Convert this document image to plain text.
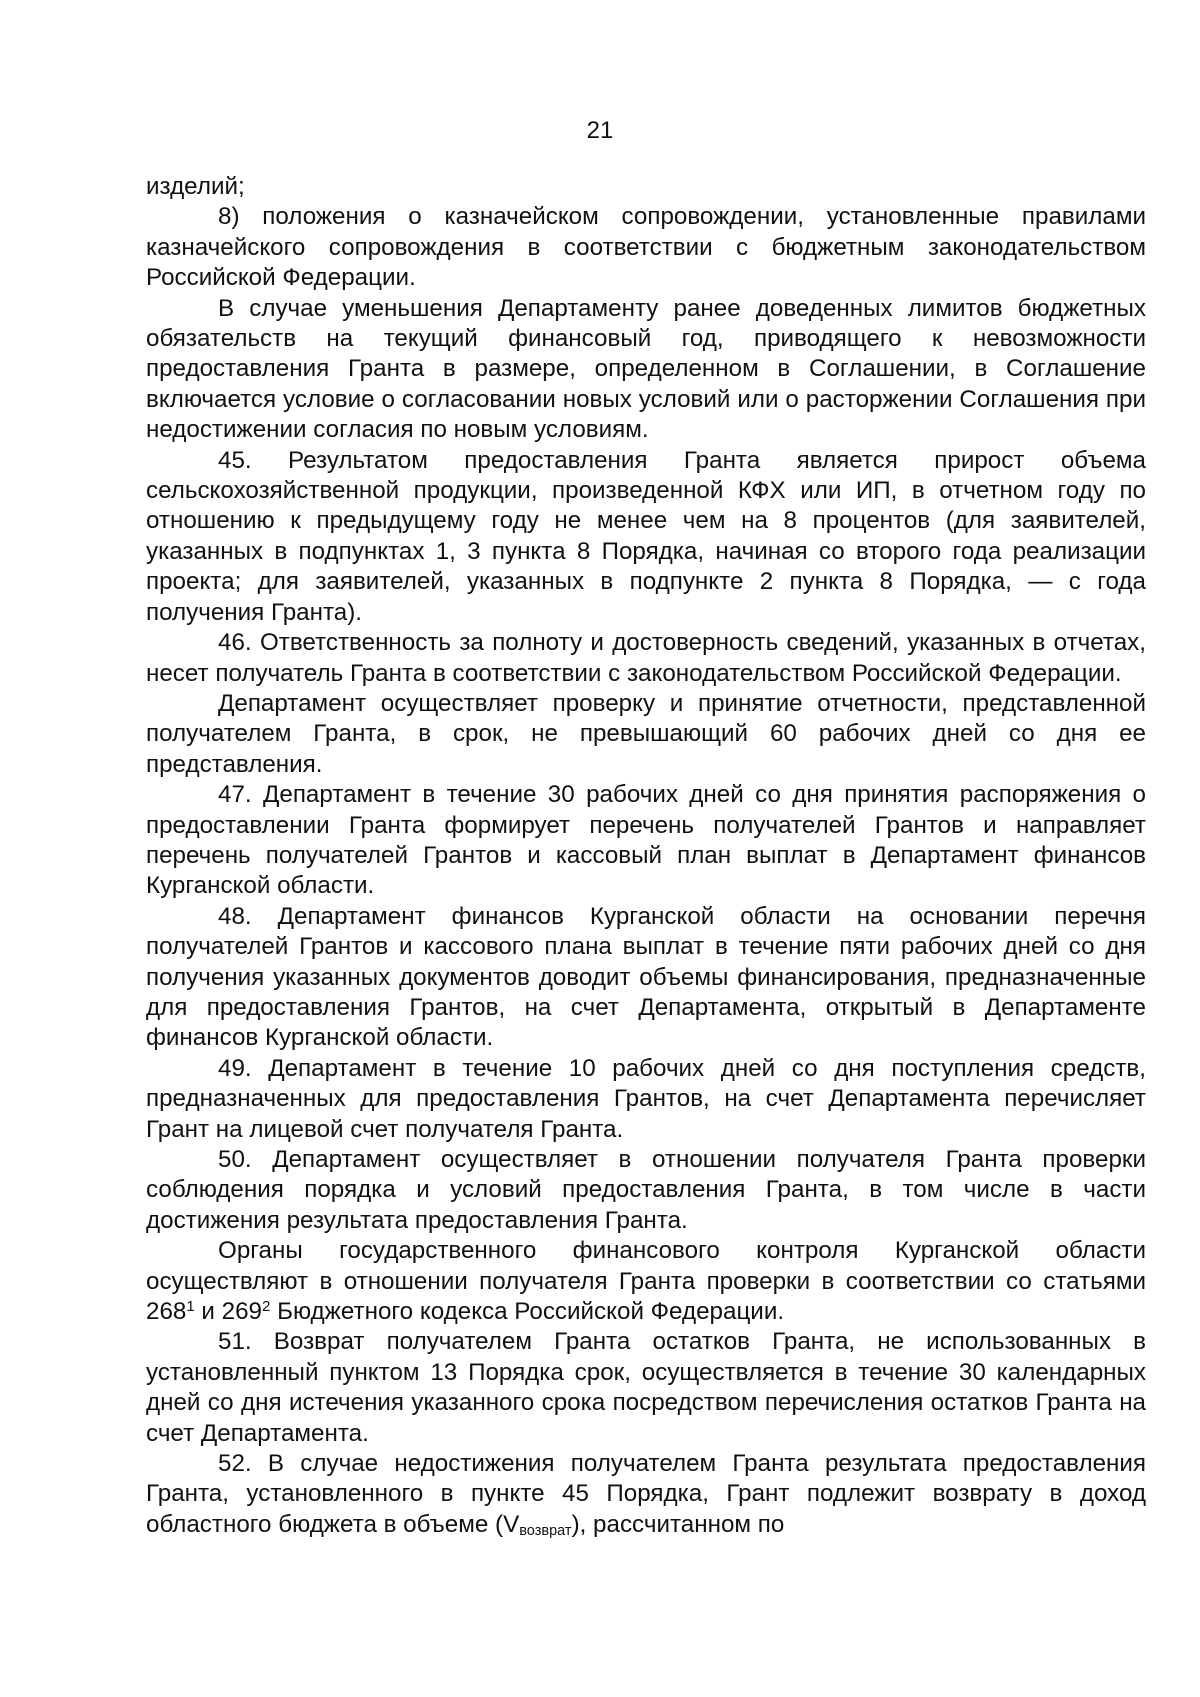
21

изделий;

8) положения о казначейском сопровождении, установленные правилами казначейского сопровождения в соответствии с бюджетным законодательством Российской Федерации.

В случае уменьшения Департаменту ранее доведенных лимитов бюджетных обязательств на текущий финансовый год, приводящего к невозможности предоставления Гранта в размере, определенном в Соглашении, в Соглашение включается условие о согласовании новых условий или о расторжении Соглашения при недостижении согласия по новым условиям.

45. Результатом предоставления Гранта является прирост объема сельскохозяйственной продукции, произведенной КФХ или ИП, в отчетном году по отношению к предыдущему году не менее чем на 8 процентов (для заявителей, указанных в подпунктах 1, 3 пункта 8 Порядка, начиная со второго года реализации проекта; для заявителей, указанных в подпункте 2 пункта 8 Порядка, — с года получения Гранта).

46. Ответственность за полноту и достоверность сведений, указанных в отчетах, несет получатель Гранта в соответствии с законодательством Российской Федерации.

Департамент осуществляет проверку и принятие отчетности, представленной получателем Гранта, в срок, не превышающий 60 рабочих дней со дня ее представления.

47. Департамент в течение 30 рабочих дней со дня принятия распоряжения о предоставлении Гранта формирует перечень получателей Грантов и направляет перечень получателей Грантов и кассовый план выплат в Департамент финансов Курганской области.

48. Департамент финансов Курганской области на основании перечня получателей Грантов и кассового плана выплат в течение пяти рабочих дней со дня получения указанных документов доводит объемы финансирования, предназначенные для предоставления Грантов, на счет Департамента, открытый в Департаменте финансов Курганской области.

49. Департамент в течение 10 рабочих дней со дня поступления средств, предназначенных для предоставления Грантов, на счет Департамента перечисляет Грант на лицевой счет получателя Гранта.

50. Департамент осуществляет в отношении получателя Гранта проверки соблюдения порядка и условий предоставления Гранта, в том числе в части достижения результата предоставления Гранта.

Органы государственного финансового контроля Курганской области осуществляют в отношении получателя Гранта проверки в соответствии со статьями $268^1$ и $269^2$ Бюджетного кодекса Российской Федерации.

51. Возврат получателем Гранта остатков Гранта, не использованных в установленный пунктом 13 Порядка срок, осуществляется в течение 30 календарных дней со дня истечения указанного срока посредством перечисления остатков Гранта на счет Департамента.

52. В случае недостижения получателем Гранта результата предоставления Гранта, установленного в пункте 45 Порядка, Грант подлежит возврату в доход областного бюджета в объеме $(V_{возврат})$, рассчитанном по
